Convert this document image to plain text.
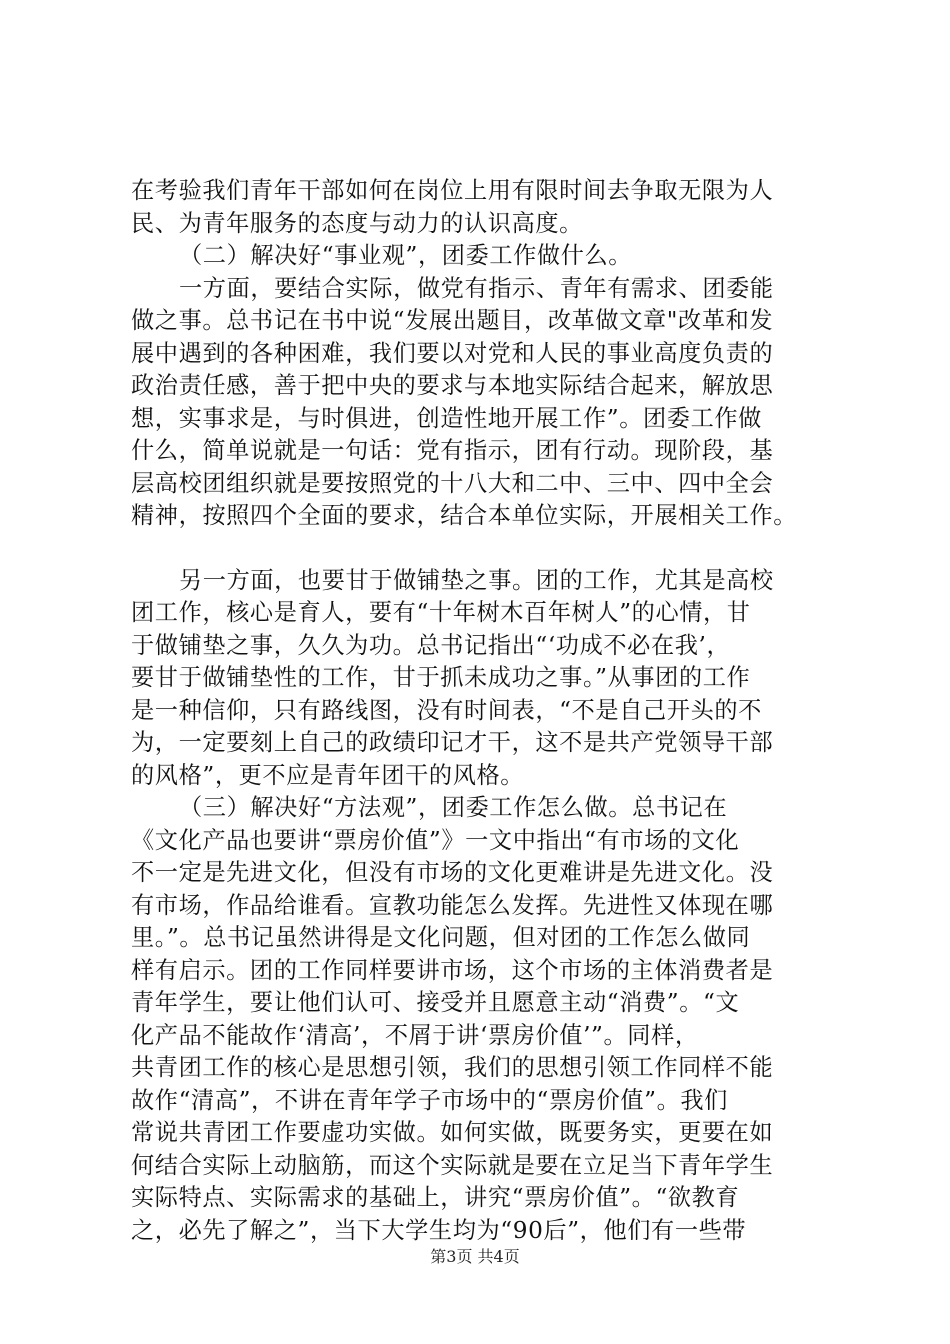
在考验我们青年干部如何在岗位上用有限时间去争取无限为人
民、为青年服务的态度与动力的认识高度。
（二）解决好“事业观”，团委工作做什么。
一方面，要结合实际，做党有指示、青年有需求、团委能
做之事。总书记在书中说“发展出题目，改革做文章"改革和发
展中遇到的各种困难，我们要以对党和人民的事业高度负责的
政治责任感，善于把中央的要求与本地实际结合起来，解放思
想，实事求是，与时俱进，创造性地开展工作”。团委工作做
什么，简单说就是一句话：党有指示，团有行动。现阶段，基
层高校团组织就是要按照党的十八大和二中、三中、四中全会
精神，按照四个全面的要求，结合本单位实际，开展相关工作。
另一方面，也要甘于做铺垫之事。团的工作，尤其是高校
团工作，核心是育人，要有“十年树木百年树人”的心情，甘
于做铺垫之事，久久为功。总书记指出“‘功成不必在我’，
要甘于做铺垫性的工作，甘于抓未成功之事。”从事团的工作
是一种信仰，只有路线图，没有时间表，“不是自己开头的不
为，一定要刻上自己的政绩印记才干，这不是共产党领导干部
的风格”，更不应是青年团干的风格。
（三）解决好“方法观”，团委工作怎么做。总书记在
《文化产品也要讲“票房价值”》一文中指出“有市场的文化
不一定是先进文化，但没有市场的文化更难讲是先进文化。没
有市场，作品给谁看。宣教功能怎么发挥。先进性又体现在哪
里。”。总书记虽然讲得是文化问题，但对团的工作怎么做同
样有启示。团的工作同样要讲市场，这个市场的主体消费者是
青年学生，要让他们认可、接受并且愿意主动“消费”。“文
化产品不能故作‘清高’，不屑于讲‘票房价值’”。同样，
共青团工作的核心是思想引领，我们的思想引领工作同样不能
故作“清高”，不讲在青年学子市场中的“票房价值”。我们
常说共青团工作要虚功实做。如何实做，既要务实，更要在如
何结合实际上动脑筋，而这个实际就是要在立足当下青年学生
实际特点、实际需求的基础上，讲究“票房价值”。“欲教育
之，必先了解之”，当下大学生均为“90后”，他们有一些带
第3页 共4页
